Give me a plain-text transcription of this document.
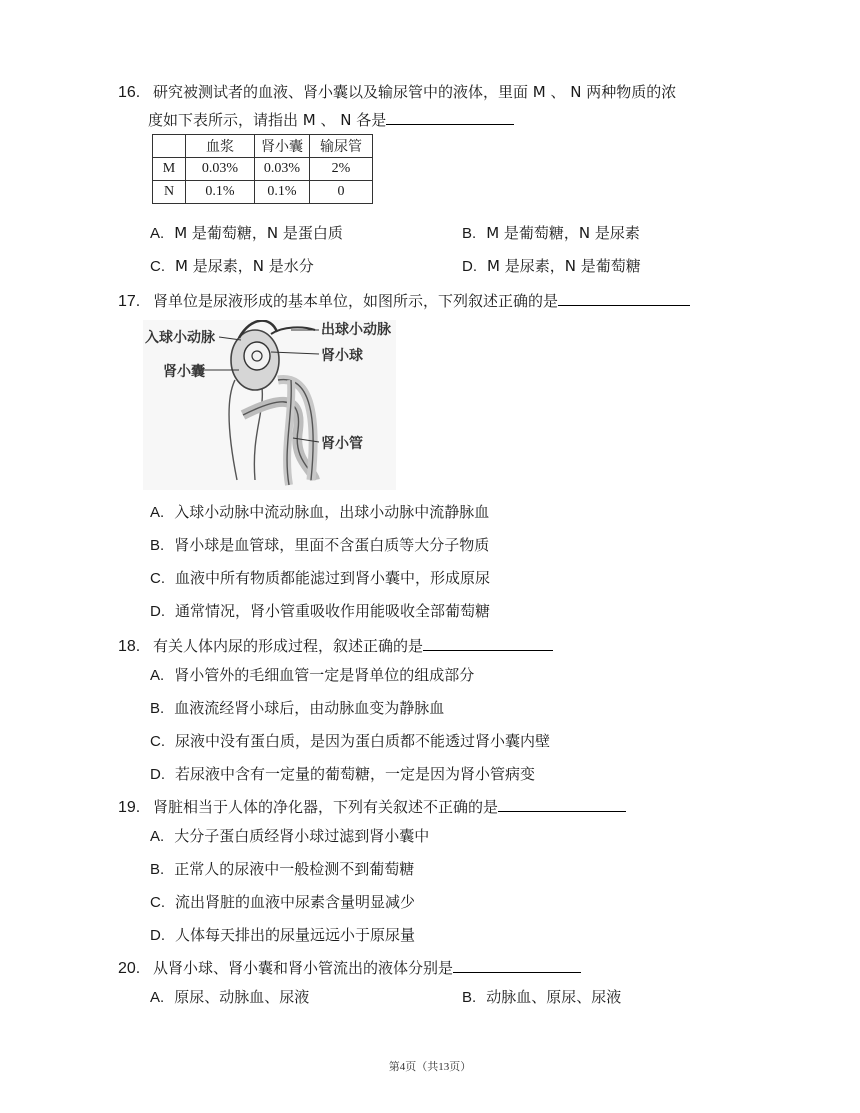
16. 研究被测试者的血液、肾小囊以及输尿管中的液体，里面 M 、 N 两种物质的浓
度如下表所示，请指出 M 、 N 各是
	血浆	肾小囊	输尿管
M	0.03%	0.03%	2%
N	0.1%	0.1%	0
A. M 是葡萄糖，N 是蛋白质	B. M 是葡萄糖，N 是尿素
C. M 是尿素，N 是水分	D. M 是尿素，N 是葡萄糖
17. 肾单位是尿液形成的基本单位，如图所示，下列叙述正确的是
入球小动脉	出球小动脉
肾小球
肾小囊
肾小管
A. 入球小动脉中流动脉血，出球小动脉中流静脉血
B. 肾小球是血管球，里面不含蛋白质等大分子物质
C. 血液中所有物质都能滤过到肾小囊中，形成原尿
D. 通常情况，肾小管重吸收作用能吸收全部葡萄糖
18. 有关人体内尿的形成过程，叙述正确的是
A. 肾小管外的毛细血管一定是肾单位的组成部分
B. 血液流经肾小球后，由动脉血变为静脉血
C. 尿液中没有蛋白质，是因为蛋白质都不能透过肾小囊内壁
D. 若尿液中含有一定量的葡萄糖，一定是因为肾小管病变
19. 肾脏相当于人体的净化器，下列有关叙述不正确的是
A. 大分子蛋白质经肾小球过滤到肾小囊中
B. 正常人的尿液中一般检测不到葡萄糖
C. 流出肾脏的血液中尿素含量明显减少
D. 人体每天排出的尿量远远小于原尿量
20. 从肾小球、肾小囊和肾小管流出的液体分别是
A. 原尿、动脉血、尿液	B. 动脉血、原尿、尿液
第4页（共13页）
